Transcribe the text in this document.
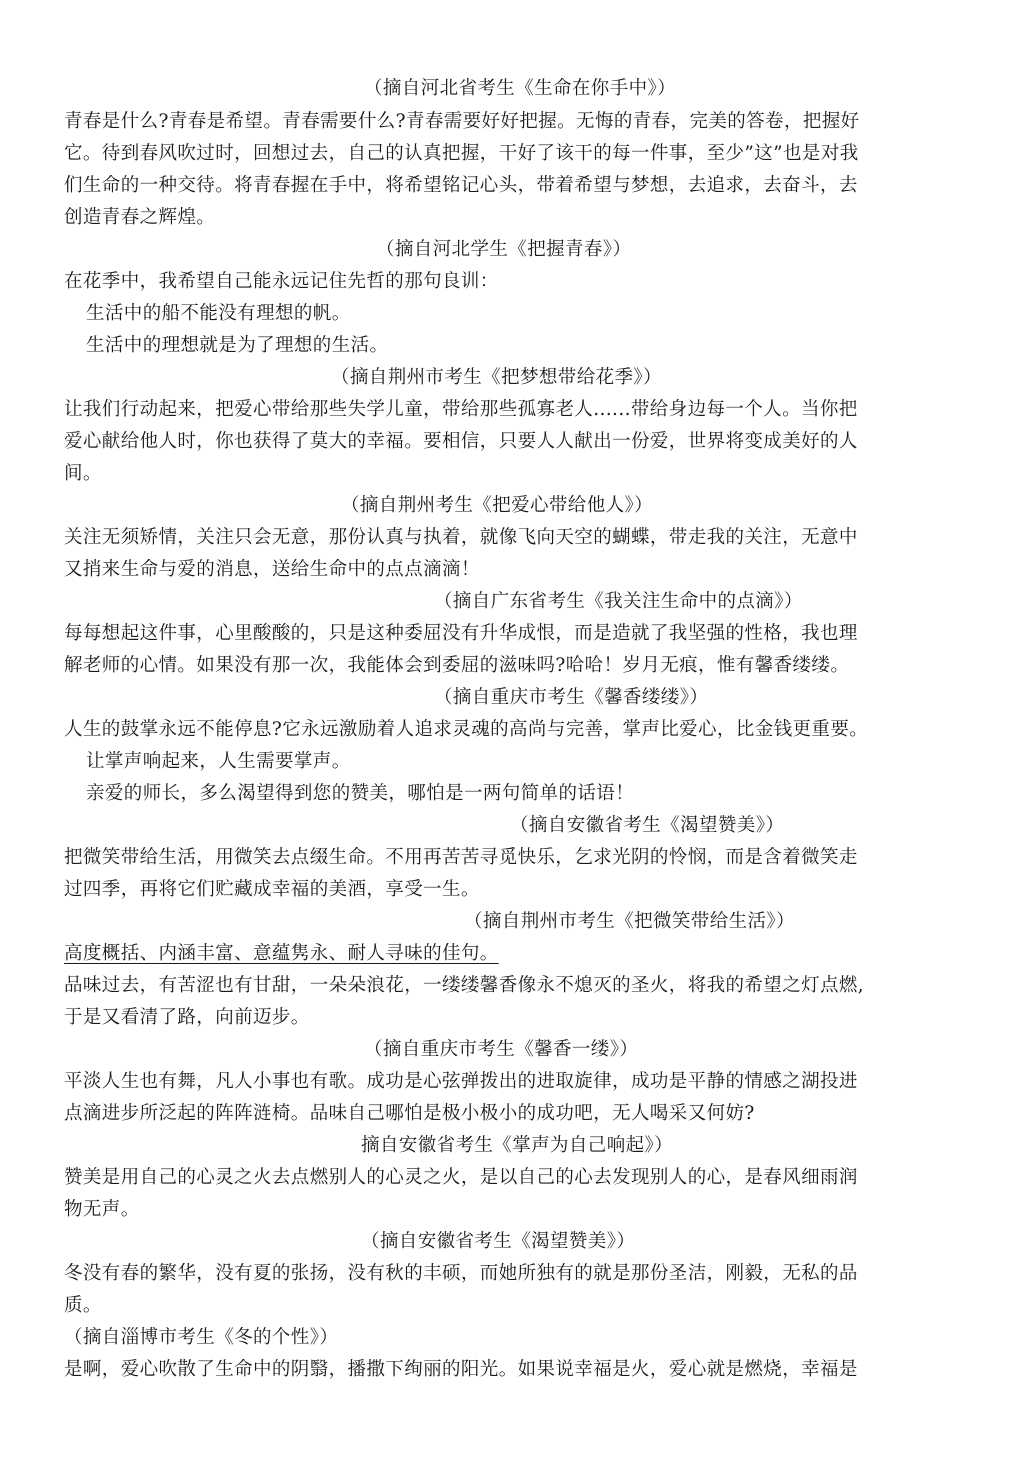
（摘自河北省考生《生命在你手中》）
青春是什么?青春是希望。青春需要什么?青春需要好好把握。无悔的青春，完美的答卷，把握好
它。待到春风吹过时，回想过去，自己的认真把握，干好了该干的每一件事，至少”这”也是对我
们生命的一种交待。将青春握在手中，将希望铭记心头，带着希望与梦想，去追求，去奋斗，去
创造青春之辉煌。
（摘自河北学生《把握青春》）
在花季中，我希望自己能永远记住先哲的那句良训：
生活中的船不能没有理想的帆。
生活中的理想就是为了理想的生活。
（摘自荆州市考生《把梦想带给花季》）
让我们行动起来，把爱心带给那些失学儿童，带给那些孤寡老人......带给身边每一个人。当你把
爱心献给他人时，你也获得了莫大的幸福。要相信，只要人人献出一份爱，世界将变成美好的人
间。
（摘自荆州考生《把爱心带给他人》）
关注无须矫情，关注只会无意，那份认真与执着，就像飞向天空的蝴蝶，带走我的关注，无意中
又捎来生命与爱的消息，送给生命中的点点滴滴！
（摘自广东省考生《我关注生命中的点滴》）
每每想起这件事，心里酸酸的，只是这种委屈没有升华成恨，而是造就了我坚强的性格，我也理
解老师的心情。如果没有那一次，我能体会到委屈的滋味吗?哈哈！岁月无痕，惟有馨香缕缕。
（摘自重庆市考生《馨香缕缕》）
人生的鼓掌永远不能停息?它永远激励着人追求灵魂的高尚与完善，掌声比爱心，比金钱更重要。
让掌声响起来，人生需要掌声。
亲爱的师长，多么渴望得到您的赞美，哪怕是一两句简单的话语！
（摘自安徽省考生《渴望赞美》）
把微笑带给生活，用微笑去点缀生命。不用再苦苦寻觅快乐，乞求光阴的怜悯，而是含着微笑走
过四季，再将它们贮藏成幸福的美酒，享受一生。
（摘自荆州市考生《把微笑带给生活》）
高度概括、内涵丰富、意蕴隽永、耐人寻味的佳句。
品味过去，有苦涩也有甘甜，一朵朵浪花，一缕缕馨香像永不熄灭的圣火，将我的希望之灯点燃,
于是又看清了路，向前迈步。
（摘自重庆市考生《馨香一缕》）
平淡人生也有舞，凡人小事也有歌。成功是心弦弹拨出的进取旋律，成功是平静的情感之湖投进
点滴进步所泛起的阵阵涟椅。品味自己哪怕是极小极小的成功吧，无人喝采又何妨?
摘自安徽省考生《掌声为自己响起》）
赞美是用自己的心灵之火去点燃别人的心灵之火，是以自己的心去发现别人的心，是春风细雨润
物无声。
（摘自安徽省考生《渴望赞美》）
冬没有春的繁华，没有夏的张扬，没有秋的丰硕，而她所独有的就是那份圣洁，刚毅，无私的品
质。
（摘自淄博市考生《冬的个性》）
是啊，爱心吹散了生命中的阴翳，播撒下绚丽的阳光。如果说幸福是火，爱心就是燃烧，幸福是
